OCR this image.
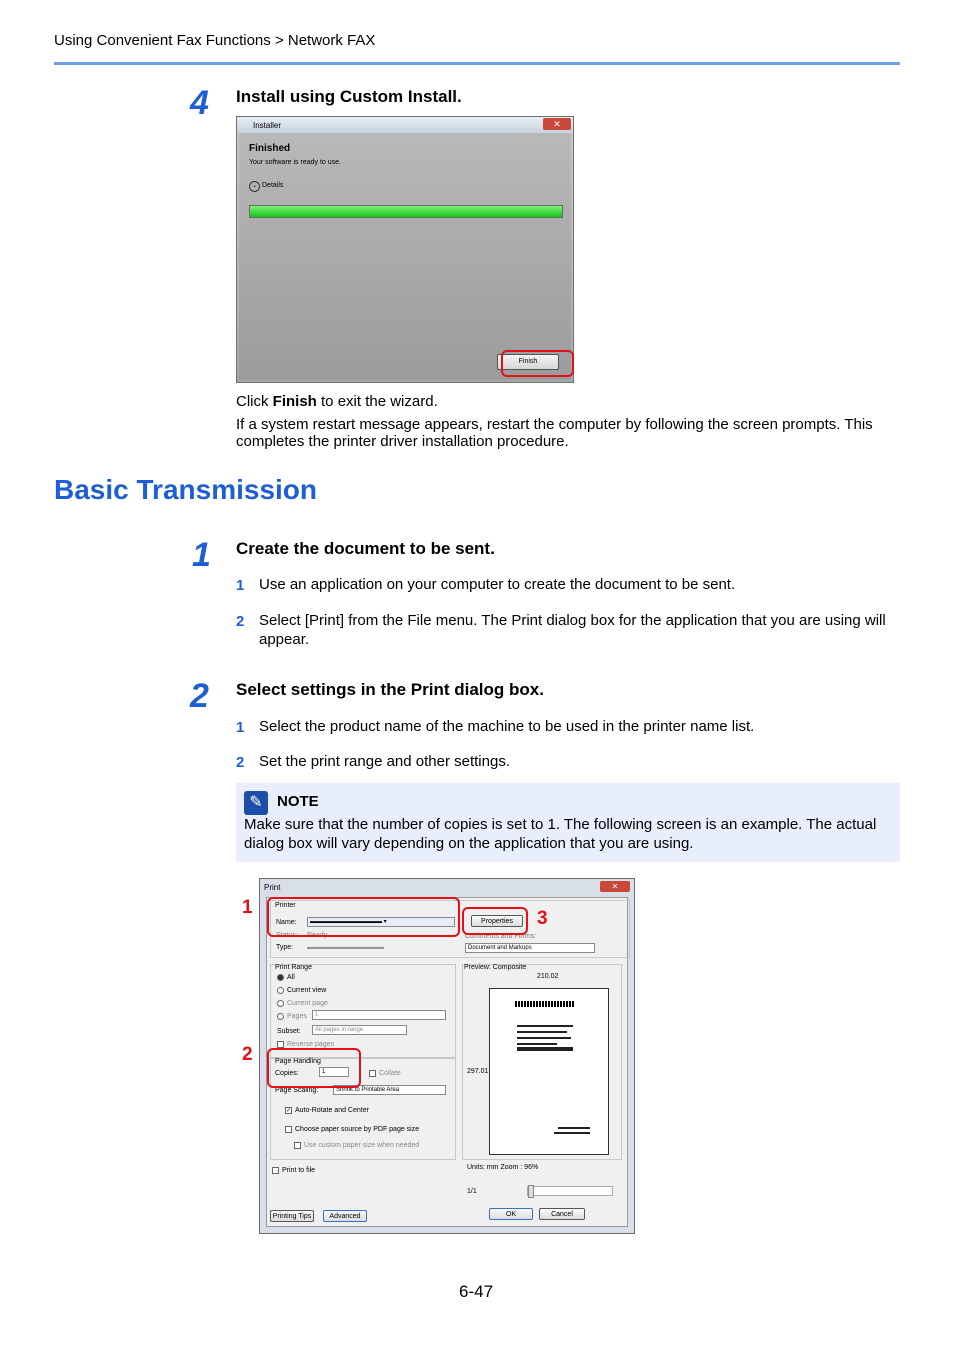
Using Convenient Fax Functions > Network FAX
4 Install using Custom Install.
Installer	✕
Finished
Your software is ready to use.
⌄ Details
Finish
Click Finish to exit the wizard.
If a system restart message appears, restart the computer by following the screen prompts. This completes the printer driver installation procedure.
Basic Transmission
1 Create the document to be sent.
1 Use an application on your computer to create the document to be sent.
2 Select [Print] from the File menu. The Print dialog box for the application that you are using will appear.
2 Select settings in the Print dialog box.
1 Select the product name of the machine to be used in the printer name list.
2 Set the print range and other settings.
✎ NOTE
Make sure that the number of copies is set to 1. The following screen is an example. The actual dialog box will vary depending on the application that you are using.
Print	✕
Printer
Name:	▬▬▬▬▬▬▬▬▬▬▬▬ ▾
Status: Ready
Type: ▬▬▬▬▬▬▬▬▬▬▬
Properties
Comments and Forms:
Document and Markups
Print Range
All
Current view
Current page
Pages	1
Subset:	All pages in range
Reverse pages
Page Handling
Copies:	1	Collate
Page Scaling:	Shrink to Printable Area
✓ Auto-Rotate and Center
Choose paper source by PDF page size
Use custom paper size when needed
Print to file
Preview: Composite
210.02
297.01
Units: mm Zoom : 96%
1/1
Printing Tips	Advanced	OK	Cancel
1
2
3
6-47
